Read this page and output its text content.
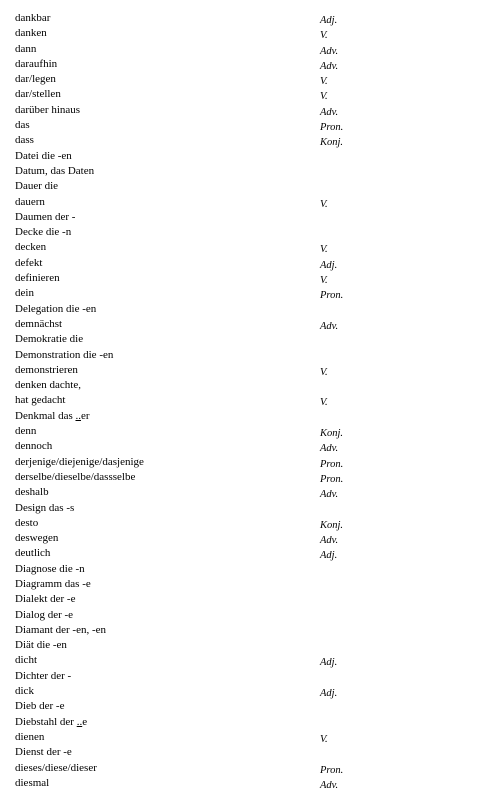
dankbar	Adj.
danken	V.
dann	Adv.
daraufhin	Adv.
dar/legen	V.
dar/stellen	V.
darüber hinaus	Adv.
das	Pron.
dass	Konj.
Datei die -en
Datum, das Daten
Dauer die
dauern	V.
Daumen der -
Decke die -n
decken	V.
defekt	Adj.
definieren	V.
dein	Pron.
Delegation die -en
demnächst	Adv.
Demokratie die
Demonstration die -en
demonstrieren	V.
denken dachte,
hat gedacht	V.
Denkmal das ..er
denn	Konj.
dennoch	Adv.
derjenige/diejenige/dasjenige	Pron.
derselbe/dieselbe/dassselbe	Pron.
deshalb	Adv.
Design das -s
desto	Konj.
deswegen	Adv.
deutlich	Adj.
Diagnose die -n
Diagramm das -e
Dialekt der -e
Dialog der -e
Diamant der -en, -en
Diät die -en
dicht	Adj.
Dichter der -
dick	Adj.
Dieb der -e
Diebstahl der ..e
dienen	V.
Dienst der -e
dieses/diese/dieser	Pron.
diesmal	Adv.
